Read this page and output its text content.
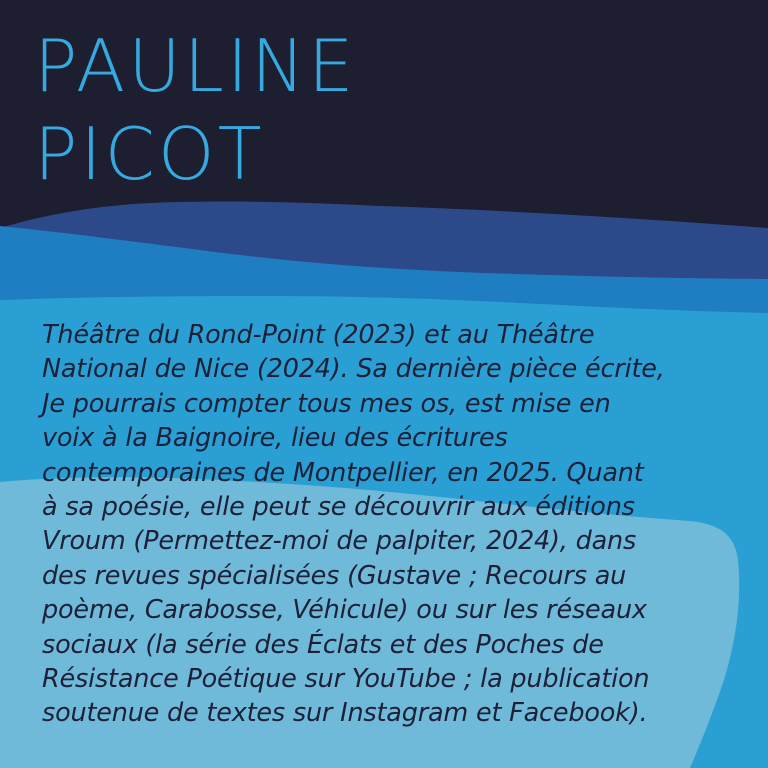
PAULINE
PICOT

Théâtre du Rond-Point (2023) et au Théâtre
National de Nice (2024). Sa dernière pièce écrite,
Je pourrais compter tous mes os, est mise en
voix à la Baignoire, lieu des écritures
contemporaines de Montpellier, en 2025. Quant
à sa poésie, elle peut se découvrir aux éditions
Vroum (Permettez-moi de palpiter, 2024), dans
des revues spécialisées (Gustave ; Recours au
poème, Carabosse, Véhicule) ou sur les réseaux
sociaux (la série des Éclats et des Poches de
Résistance Poétique sur YouTube ; la publication
soutenue de textes sur Instagram et Facebook).
